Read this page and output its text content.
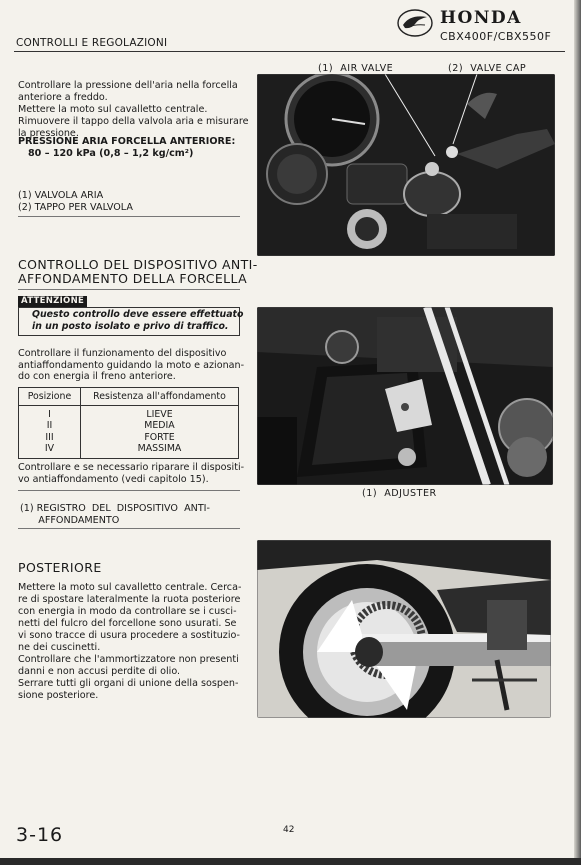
CONTROLLI E REGOLAZIONI
HONDA
CBX400F/CBX550F
Controllare la pressione dell'aria nella forcella
anteriore a freddo.
Mettere la moto sul cavalletto centrale.
Rimuovere il tappo della valvola aria e misurare
la pressione.
PRESSIONE ARIA FORCELLA ANTERIORE:
80 – 120 kPa (0,8 – 1,2 kg/cm²)
(1) VALVOLA ARIA
(2) TAPPO PER VALVOLA
CONTROLLO DEL DISPOSITIVO ANTI-
AFFONDAMENTO DELLA FORCELLA
ATTENZIONE
Questo controllo deve essere effettuato
in un posto isolato e privo di traffico.
Controllare il funzionamento del dispositivo
antiaffondamento guidando la moto e azionan-
do con energia il freno anteriore.
Posizione	Resistenza all'affondamento
I	LIEVE
II	MEDIA
III	FORTE
IV	MASSIMA
Controllare e se necessario riparare il dispositi-
vo antiaffondamento (vedi capitolo 15).
(1) REGISTRO  DEL  DISPOSITIVO  ANTI-
AFFONDAMENTO
POSTERIORE
Mettere la moto sul cavalletto centrale. Cerca-
re di spostare lateralmente la ruota posteriore
con energia in modo da controllare se i cusci-
netti del fulcro del forcellone sono usurati. Se
vi sono tracce di usura procedere a sostituzio-
ne dei cuscinetti.
Controllare che l'ammortizzatore non presenti
danni e non accusi perdite di olio.
Serrare tutti gli organi di unione della sospen-
sione posteriore.
(1)  AIR VALVE	(2)  VALVE CAP
(1)  ADJUSTER
3-16	42
